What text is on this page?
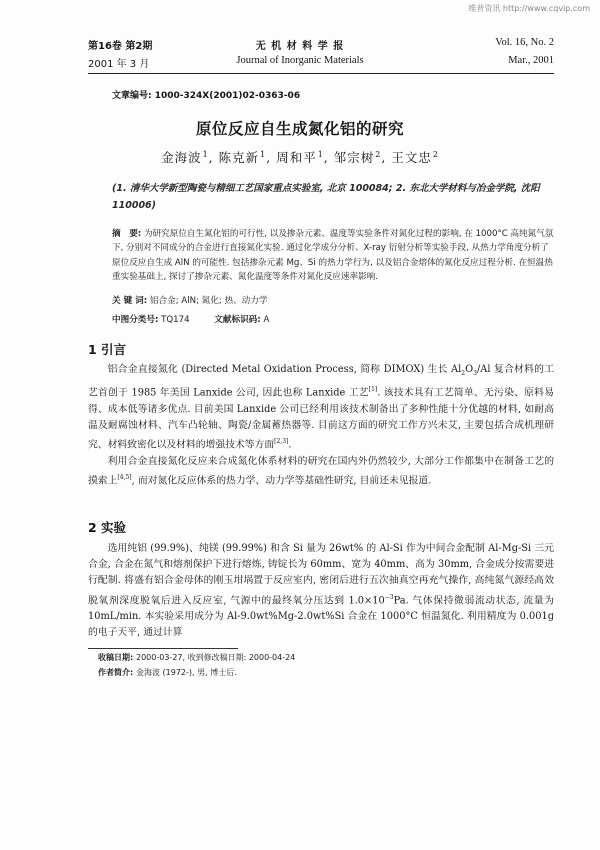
维普资讯 http://www.cqvip.com
第16卷 第2期	无 机 材 料 学 报	Vol. 16, No. 2
2001 年 3 月	Journal of Inorganic Materials	Mar., 2001
文章编号: 1000-324X(2001)02-0363-06
原位反应自生成氮化铝的研究
金海波$^1$, 陈克新$^1$, 周和平$^1$, 邹宗树$^2$, 王文忠$^2$
(1. 清华大学新型陶瓷与精细工艺国家重点实验室, 北京 100084; 2. 东北大学材料与冶金学院, 沈阳 110006)
摘　要: 为研究原位自生氮化铝的可行性, 以及掺杂元素、温度等实验条件对氮化过程的影响, 在 1000°C 高纯氮气氛下, 分别对不同成分的合金进行直接氮化实验. 通过化学成分分析、X-ray 衍射分析等实验手段, 从热力学角度分析了原位反应自生成 AlN 的可能性. 包括掺杂元素 Mg、Si 的热力学行为, 以及铝合金熔体的氮化反应过程分析. 在恒温热重实验基础上, 探讨了掺杂元素、氮化温度等条件对氮化反应速率影响.
关 键 词: 铝合金; AlN; 氮化; 热、动力学
中图分类号: TQ174	文献标识码: A
1 引言

铝合金直接氮化 (Directed Metal Oxidation Process, 简称 DIMOX) 生长 $Al_2O_3/Al$ 复合材料的工艺首创于 1985 年美国 Lanxide 公司, 因此也称 Lanxide 工艺[1]. 该技术具有工艺简单、无污染、原料易得、成本低等诸多优点. 目前美国 Lanxide 公司已经利用该技术制备出了多种性能十分优越的材料, 如耐高温及耐腐蚀材料、汽车凸轮轴、陶瓷/金属蓄热器等. 目前这方面的研究工作方兴未艾, 主要包括合成机理研究、材料致密化以及材料的增强技术等方面[2,3].

利用合金直接氮化反应来合成氮化体系材料的研究在国内外仍然较少, 大部分工作都集中在制备工艺的摸索上[4,5], 而对氮化反应体系的热力学、动力学等基础性研究, 目前还未见报道.

2 实验

选用纯铝 (99.9%)、纯镁 (99.99%) 和含 Si 量为 26wt% 的 Al-Si 作为中间合金配制 Al-Mg-Si 三元合金, 合金在氮气和熔剂保护下进行熔炼, 铸锭长为 60mm、宽为 40mm、高为 30mm, 合金成分按需要进行配制. 将盛有铝合金母体的刚玉坩埚置于反应室内, 密闭后进行五次抽真空再充气操作, 高纯氮气源经高效脱氧剂深度脱氧后进入反应室, 气源中的最终氧分压达到 $1.0\times 10^{-3}Pa$. 气体保持微弱流动状态, 流量为 10mL/min. 本实验采用成分为 Al-9.0wt%Mg-2.0wt%Si 合金在 1000°C 恒温氮化. 利用精度为 0.001g 的电子天平, 通过计算

收稿日期: 2000-03-27, 收到修改稿日期: 2000-04-24
作者简介: 金海波 (1972-), 男, 博士后.
